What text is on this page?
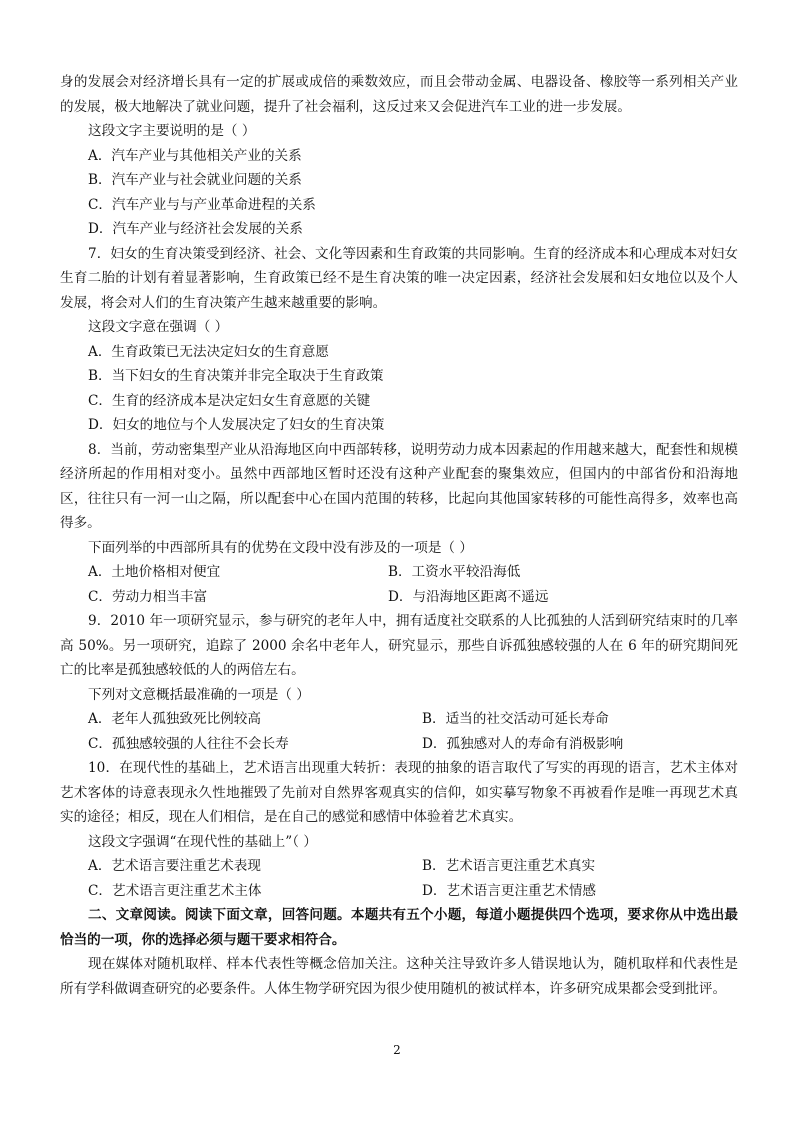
身的发展会对经济增长具有一定的扩展或成倍的乘数效应，而且会带动金属、电器设备、橡胶等一系列相关产业的发展，极大地解决了就业问题，提升了社会福利，这反过来又会促进汽车工业的进一步发展。

这段文字主要说明的是（ ）

A．汽车产业与其他相关产业的关系

B．汽车产业与社会就业问题的关系

C．汽车产业与与产业革命进程的关系

D．汽车产业与经济社会发展的关系

7．妇女的生育决策受到经济、社会、文化等因素和生育政策的共同影响。生育的经济成本和心理成本对妇女生育二胎的计划有着显著影响，生育政策已经不是生育决策的唯一决定因素，经济社会发展和妇女地位以及个人发展，将会对人们的生育决策产生越来越重要的影响。

这段文字意在强调（ ）

A．生育政策已无法决定妇女的生育意愿

B．当下妇女的生育决策并非完全取决于生育政策

C．生育的经济成本是决定妇女生育意愿的关键

D．妇女的地位与个人发展决定了妇女的生育决策

8．当前，劳动密集型产业从沿海地区向中西部转移，说明劳动力成本因素起的作用越来越大，配套性和规模经济所起的作用相对变小。虽然中西部地区暂时还没有这种产业配套的聚集效应，但国内的中部省份和沿海地区，往往只有一河一山之隔，所以配套中心在国内范围的转移，比起向其他国家转移的可能性高得多，效率也高得多。

下面列举的中西部所具有的优势在文段中没有涉及的一项是（ ）

A．土地价格相对便宜	B．工资水平较沿海低
C．劳动力相当丰富	D．与沿海地区距离不遥远

9．2010 年一项研究显示，参与研究的老年人中，拥有适度社交联系的人比孤独的人活到研究结束时的几率高 50%。另一项研究，追踪了 2000 余名中老年人，研究显示，那些自诉孤独感较强的人在 6 年的研究期间死亡的比率是孤独感较低的人的两倍左右。

下列对文意概括最准确的一项是（ ）

A．老年人孤独致死比例较高	B．适当的社交活动可延长寿命
C．孤独感较强的人往往不会长寿	D．孤独感对人的寿命有消极影响

10．在现代性的基础上，艺术语言出现重大转折：表现的抽象的语言取代了写实的再现的语言，艺术主体对艺术客体的诗意表现永久性地摧毁了先前对自然界客观真实的信仰，如实摹写物象不再被看作是唯一再现艺术真实的途径；相反，现在人们相信，是在自己的感觉和感情中体验着艺术真实。

这段文字强调“在现代性的基础上”（ ）

A．艺术语言要注重艺术表现	B．艺术语言更注重艺术真实
C．艺术语言更注重艺术主体	D．艺术语言更注重艺术情感

二、文章阅读。阅读下面文章，回答问题。本题共有五个小题，每道小题提供四个选项，要求你从中选出最恰当的一项，你的选择必须与题干要求相符合。

现在媒体对随机取样、样本代表性等概念倍加关注。这种关注导致许多人错误地认为，随机取样和代表性是所有学科做调查研究的必要条件。人体生物学研究因为很少使用随机的被试样本，许多研究成果都会受到批评。

2
